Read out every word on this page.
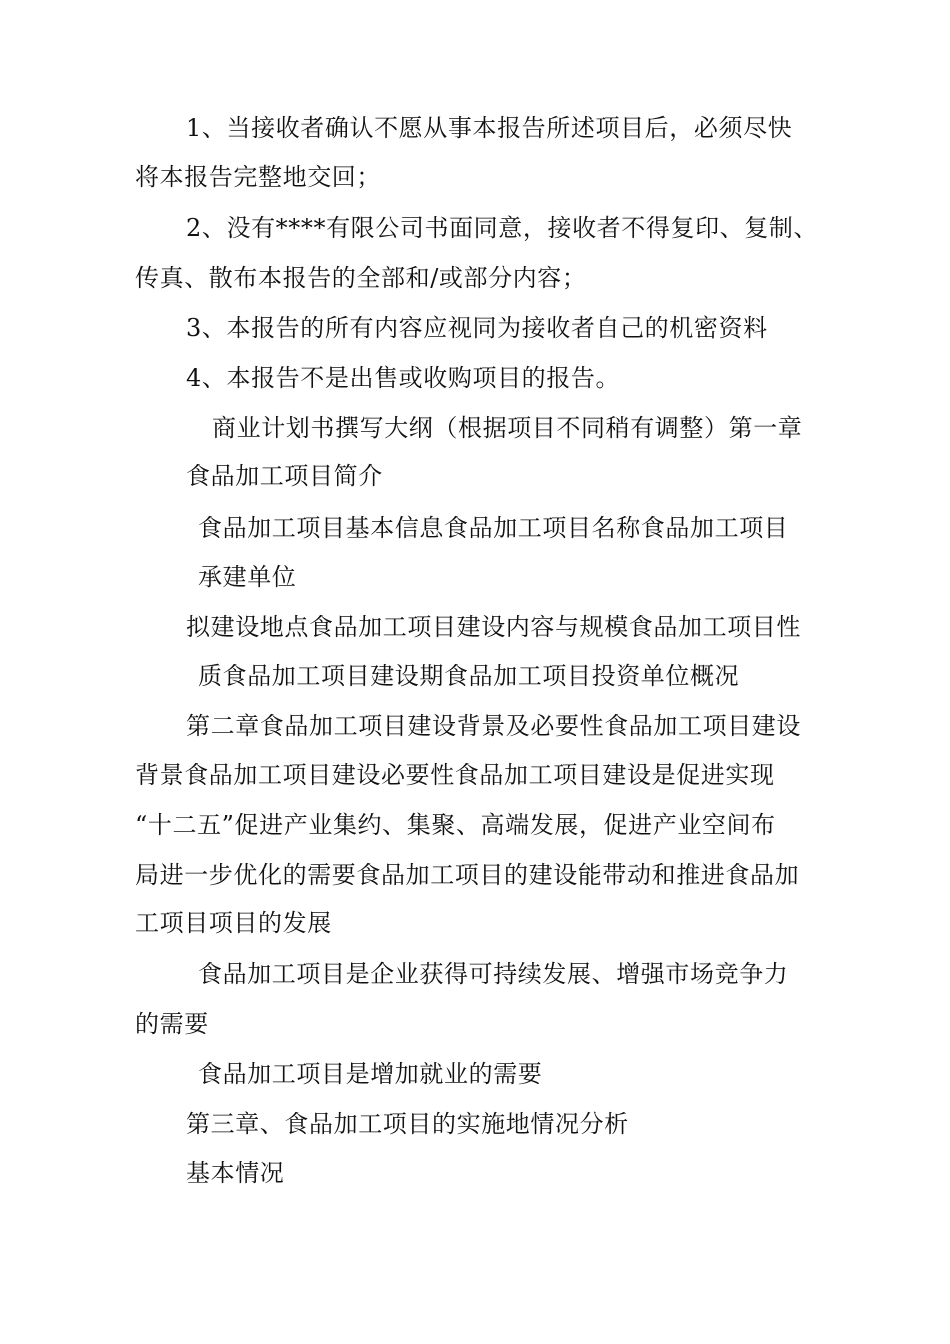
1、当接收者确认不愿从事本报告所述项目后，必须尽快
将本报告完整地交回；
2、没有****有限公司书面同意，接收者不得复印、复制、
传真、散布本报告的全部和/或部分内容；
3、本报告的所有内容应视同为接收者自己的机密资料
4、本报告不是出售或收购项目的报告。
商业计划书撰写大纲（根据项目不同稍有调整）第一章
食品加工项目简介
食品加工项目基本信息食品加工项目名称食品加工项目
承建单位
拟建设地点食品加工项目建设内容与规模食品加工项目性
质食品加工项目建设期食品加工项目投资单位概况
第二章食品加工项目建设背景及必要性食品加工项目建设
背景食品加工项目建设必要性食品加工项目建设是促进实现
“十二五”促进产业集约、集聚、高端发展，促进产业空间布
局进一步优化的需要食品加工项目的建设能带动和推进食品加
工项目项目的发展
食品加工项目是企业获得可持续发展、增强市场竞争力
的需要
食品加工项目是增加就业的需要
第三章、食品加工项目的实施地情况分析
基本情况
